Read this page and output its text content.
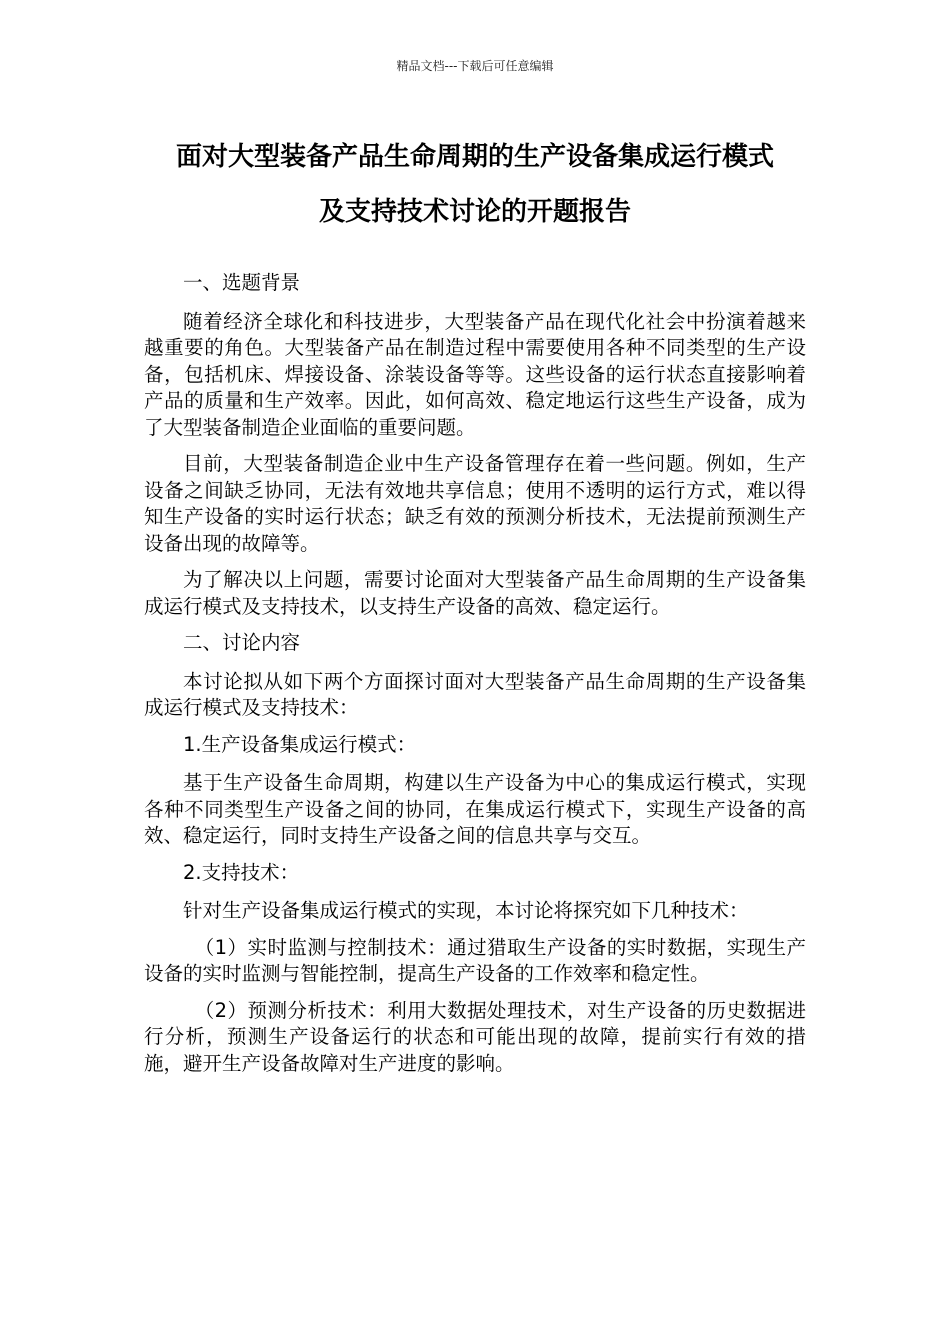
精品文档---下载后可任意编辑
面对大型装备产品生命周期的生产设备集成运行模式
及支持技术讨论的开题报告

一、选题背景

随着经济全球化和科技进步，大型装备产品在现代化社会中扮演着越来越重要的角色。大型装备产品在制造过程中需要使用各种不同类型的生产设备，包括机床、焊接设备、涂装设备等等。这些设备的运行状态直接影响着产品的质量和生产效率。因此，如何高效、稳定地运行这些生产设备，成为了大型装备制造企业面临的重要问题。

目前，大型装备制造企业中生产设备管理存在着一些问题。例如，生产设备之间缺乏协同，无法有效地共享信息；使用不透明的运行方式，难以得知生产设备的实时运行状态；缺乏有效的预测分析技术，无法提前预测生产设备出现的故障等。

为了解决以上问题，需要讨论面对大型装备产品生命周期的生产设备集成运行模式及支持技术，以支持生产设备的高效、稳定运行。

二、讨论内容

本讨论拟从如下两个方面探讨面对大型装备产品生命周期的生产设备集成运行模式及支持技术：

1.生产设备集成运行模式：

基于生产设备生命周期，构建以生产设备为中心的集成运行模式，实现各种不同类型生产设备之间的协同，在集成运行模式下，实现生产设备的高效、稳定运行，同时支持生产设备之间的信息共享与交互。

2.支持技术：

针对生产设备集成运行模式的实现，本讨论将探究如下几种技术：

（1）实时监测与控制技术：通过猎取生产设备的实时数据，实现生产设备的实时监测与智能控制，提高生产设备的工作效率和稳定性。

（2）预测分析技术：利用大数据处理技术，对生产设备的历史数据进行分析，预测生产设备运行的状态和可能出现的故障，提前实行有效的措施，避开生产设备故障对生产进度的影响。
